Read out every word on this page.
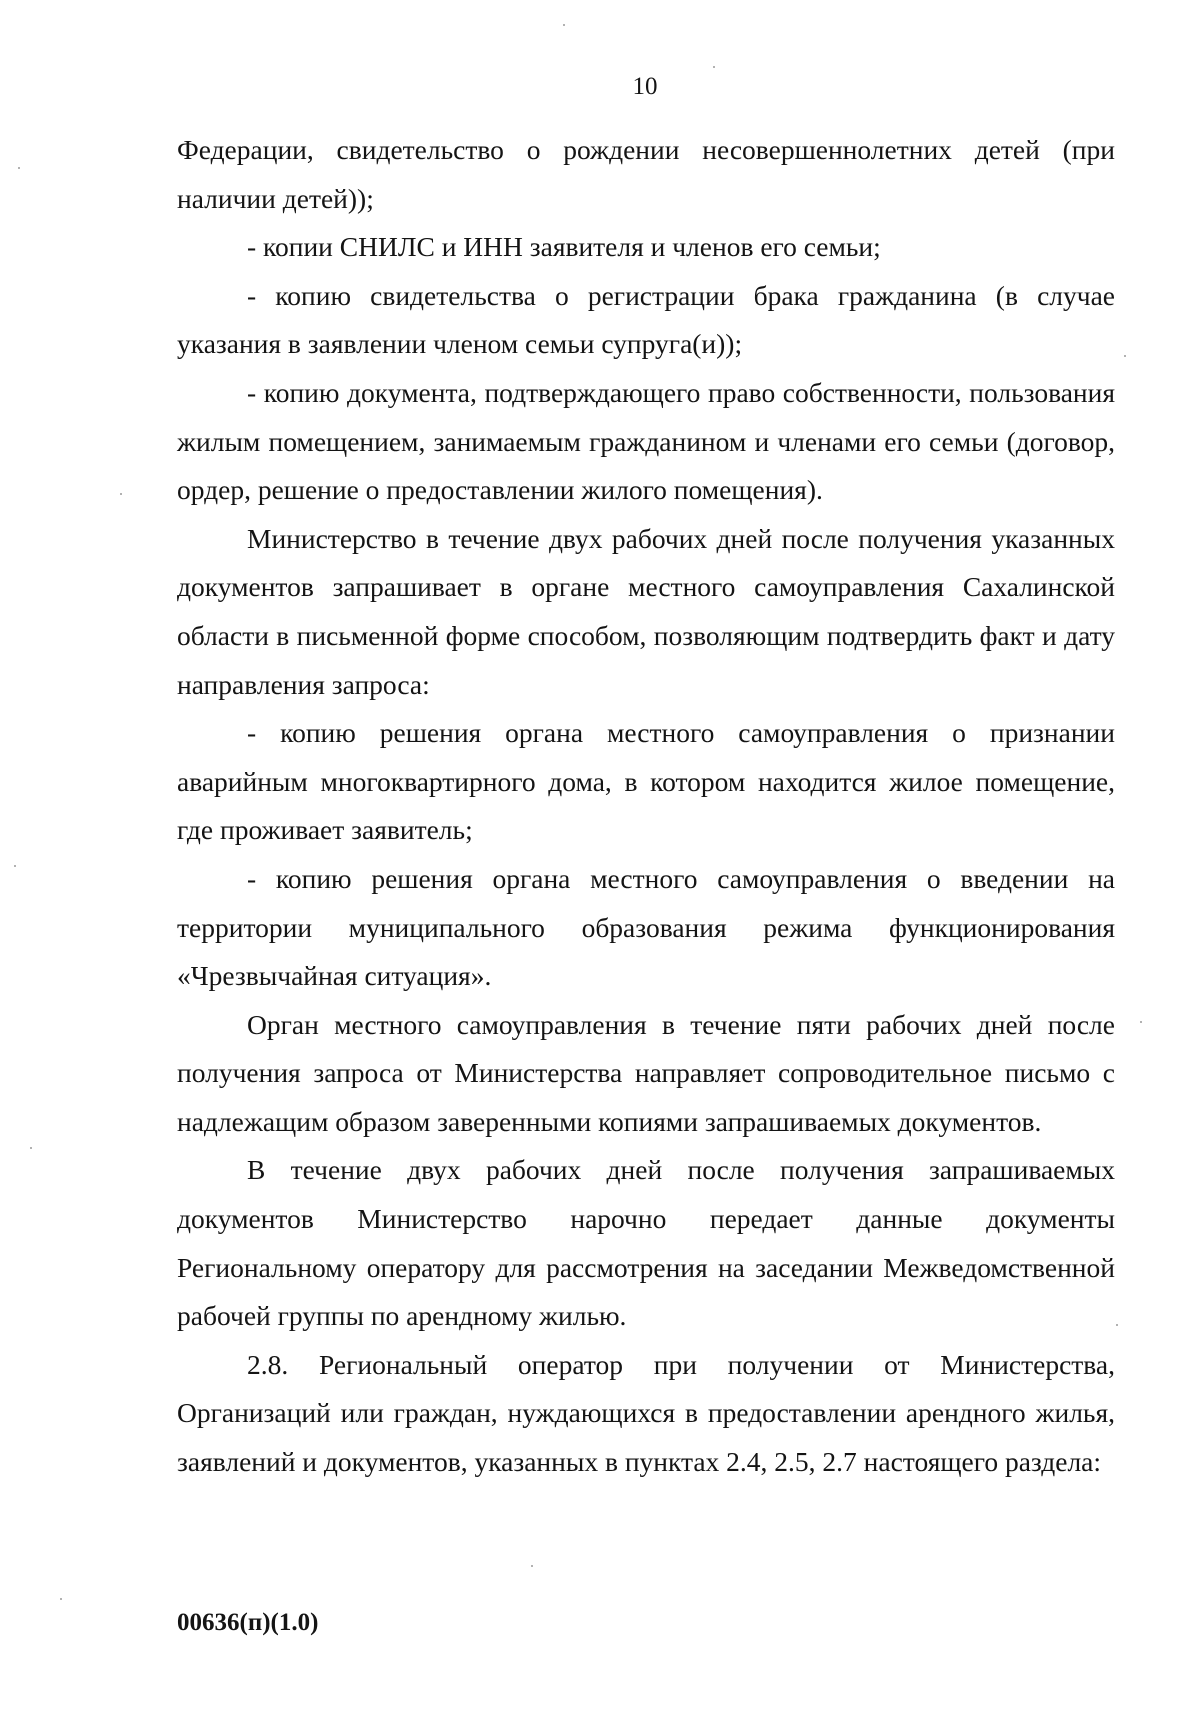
10

Федерации, свидетельство о рождении несовершеннолетних детей (при наличии детей));

- копии СНИЛС и ИНН заявителя и членов его семьи;

- копию свидетельства о регистрации брака гражданина (в случае указания в заявлении членом семьи супруга(и));

- копию документа, подтверждающего право собственности, пользования жилым помещением, занимаемым гражданином и членами его семьи (договор, ордер, решение о предоставлении жилого помещения).

Министерство в течение двух рабочих дней после получения указанных документов запрашивает в органе местного самоуправления Сахалинской области в письменной форме способом, позволяющим подтвердить факт и дату направления запроса:

- копию решения органа местного самоуправления о признании аварийным многоквартирного дома, в котором находится жилое помещение, где проживает заявитель;

- копию решения органа местного самоуправления о введении на территории муниципального образования режима функционирования «Чрезвычайная ситуация».

Орган местного самоуправления в течение пяти рабочих дней после получения запроса от Министерства направляет сопроводительное письмо с надлежащим образом заверенными копиями запрашиваемых документов.

В течение двух рабочих дней после получения запрашиваемых документов Министерство нарочно передает данные документы Региональному оператору для рассмотрения на заседании Межведомственной рабочей группы по арендному жилью.

2.8. Региональный оператор при получении от Министерства, Организаций или граждан, нуждающихся в предоставлении арендного жилья, заявлений и документов, указанных в пунктах 2.4, 2.5, 2.7 настоящего раздела:

00636(п)(1.0)
